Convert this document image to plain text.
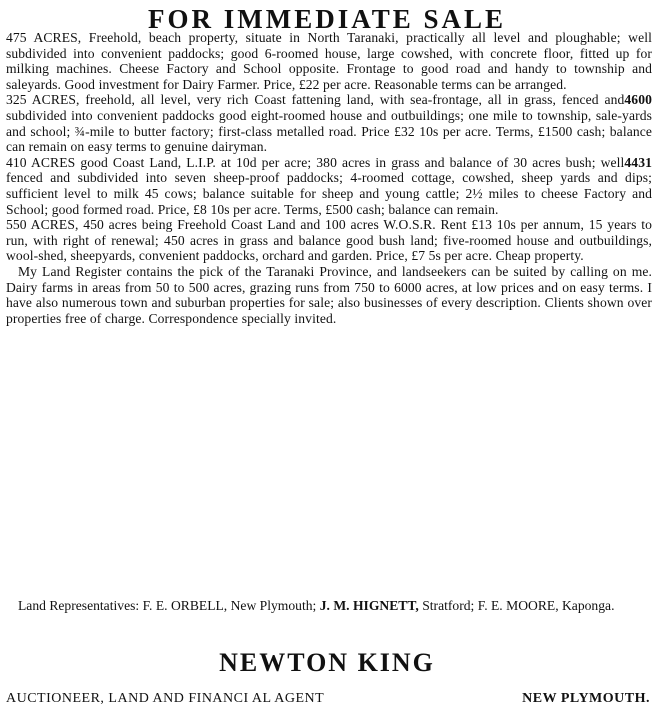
FOR IMMEDIATE SALE

475 ACRES, Freehold, beach property, situate in North Taranaki, practically all level and ploughable; well subdivided into convenient paddocks; good 6-roomed house, large cowshed, with concrete floor, fitted up for milking machines. Cheese Factory and School opposite. Frontage to good road and handy to township and saleyards. Good investment for Dairy Farmer. Price, £22 per acre. Reasonable terms can be arranged.

4600
325 ACRES, freehold, all level, very rich Coast fattening land, with sea-frontage, all in grass, fenced and subdivided into convenient paddocks good eight-roomed house and outbuildings; one mile to township, sale-yards and school; ¾-mile to butter factory; first-class metalled road. Price £32 10s per acre. Terms, £1500 cash; balance can remain on easy terms to genuine dairyman.

4431
410 ACRES good Coast Land, L.I.P. at 10d per acre; 380 acres in grass and balance of 30 acres bush; well fenced and subdivided into seven sheep-proof paddocks; 4-roomed cottage, cowshed, sheep yards and dips; sufficient level to milk 45 cows; balance suitable for sheep and young cattle; 2½ miles to cheese Factory and School; good formed road. Price, £8 10s per acre. Terms, £500 cash; balance can remain.

550 ACRES, 450 acres being Freehold Coast Land and 100 acres W.O.S.R. Rent £13 10s per annum, 15 years to run, with right of renewal; 450 acres in grass and balance good bush land; five-roomed house and outbuildings, wool-shed, sheepyards, convenient paddocks, orchard and garden. Price, £7 5s per acre. Cheap property.

My Land Register contains the pick of the Taranaki Province, and landseekers can be suited by calling on me. Dairy farms in areas from 50 to 500 acres, grazing runs from 750 to 6000 acres, at low prices and on easy terms. I have also numerous town and suburban properties for sale; also businesses of every description. Clients shown over properties free of charge. Correspondence specially invited.

Land Representatives: F. E. ORBELL, New Plymouth; J. M. HIGNETT, Stratford; F. E. MOORE, Kaponga.
NEWTON KING
AUCTIONEER, LAND AND FINANCI AL AGENT	NEW PLYMOUTH.
